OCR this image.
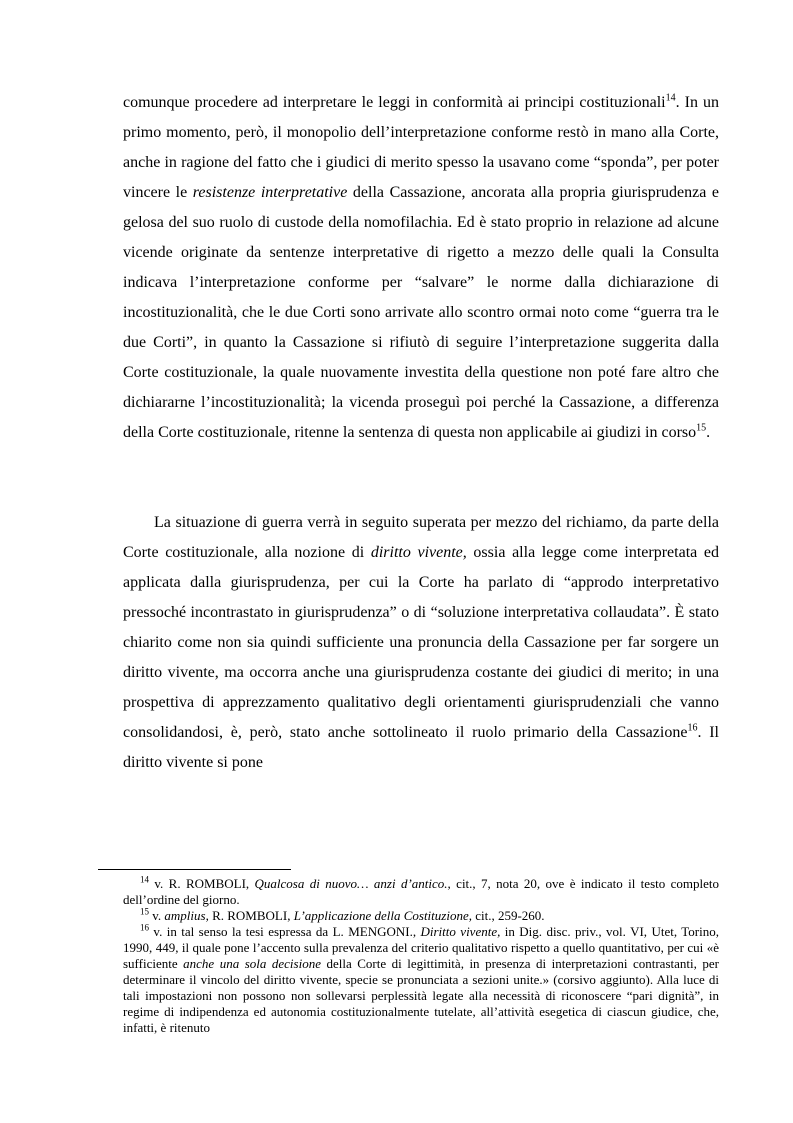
comunque procedere ad interpretare le leggi in conformità ai principi costituzionali$^{14}$. In un primo momento, però, il monopolio dell’interpretazione conforme restò in mano alla Corte, anche in ragione del fatto che i giudici di merito spesso la usavano come “sponda”, per poter vincere le resistenze interpretative della Cassazione, ancorata alla propria giurisprudenza e gelosa del suo ruolo di custode della nomofilachia. Ed è stato proprio in relazione ad alcune vicende originate da sentenze interpretative di rigetto a mezzo delle quali la Consulta indicava l’interpretazione conforme per “salvare” le norme dalla dichiarazione di incostituzionalità, che le due Corti sono arrivate allo scontro ormai noto come “guerra tra le due Corti”, in quanto la Cassazione si rifiutò di seguire l’interpretazione suggerita dalla Corte costituzionale, la quale nuovamente investita della questione non poté fare altro che dichiararne l’incostituzionalità; la vicenda proseguì poi perché la Cassazione, a differenza della Corte costituzionale, ritenne la sentenza di questa non applicabile ai giudizi in corso$^{15}$.

La situazione di guerra verrà in seguito superata per mezzo del richiamo, da parte della Corte costituzionale, alla nozione di diritto vivente, ossia alla legge come interpretata ed applicata dalla giurisprudenza, per cui la Corte ha parlato di “approdo interpretativo pressoché incontrastato in giurisprudenza” o di “soluzione interpretativa collaudata”. È stato chiarito come non sia quindi sufficiente una pronuncia della Cassazione per far sorgere un diritto vivente, ma occorra anche una giurisprudenza costante dei giudici di merito; in una prospettiva di apprezzamento qualitativo degli orientamenti giurisprudenziali che vanno consolidandosi, è, però, stato anche sottolineato il ruolo primario della Cassazione$^{16}$. Il diritto vivente si pone

$^{14}$ v. R. ROMBOLI, Qualcosa di nuovo… anzi d’antico., cit., 7, nota 20, ove è indicato il testo completo dell’ordine del giorno.

$^{15}$ v. amplius, R. ROMBOLI, L’applicazione della Costituzione, cit., 259-260.

$^{16}$ v. in tal senso la tesi espressa da L. MENGONI., Diritto vivente, in Dig. disc. priv., vol. VI, Utet, Torino, 1990, 449, il quale pone l’accento sulla prevalenza del criterio qualitativo rispetto a quello quantitativo, per cui «è sufficiente anche una sola decisione della Corte di legittimità, in presenza di interpretazioni contrastanti, per determinare il vincolo del diritto vivente, specie se pronunciata a sezioni unite.» (corsivo aggiunto). Alla luce di tali impostazioni non possono non sollevarsi perplessità legate alla necessità di riconoscere “pari dignità”, in regime di indipendenza ed autonomia costituzionalmente tutelate, all’attività esegetica di ciascun giudice, che, infatti, è ritenuto
